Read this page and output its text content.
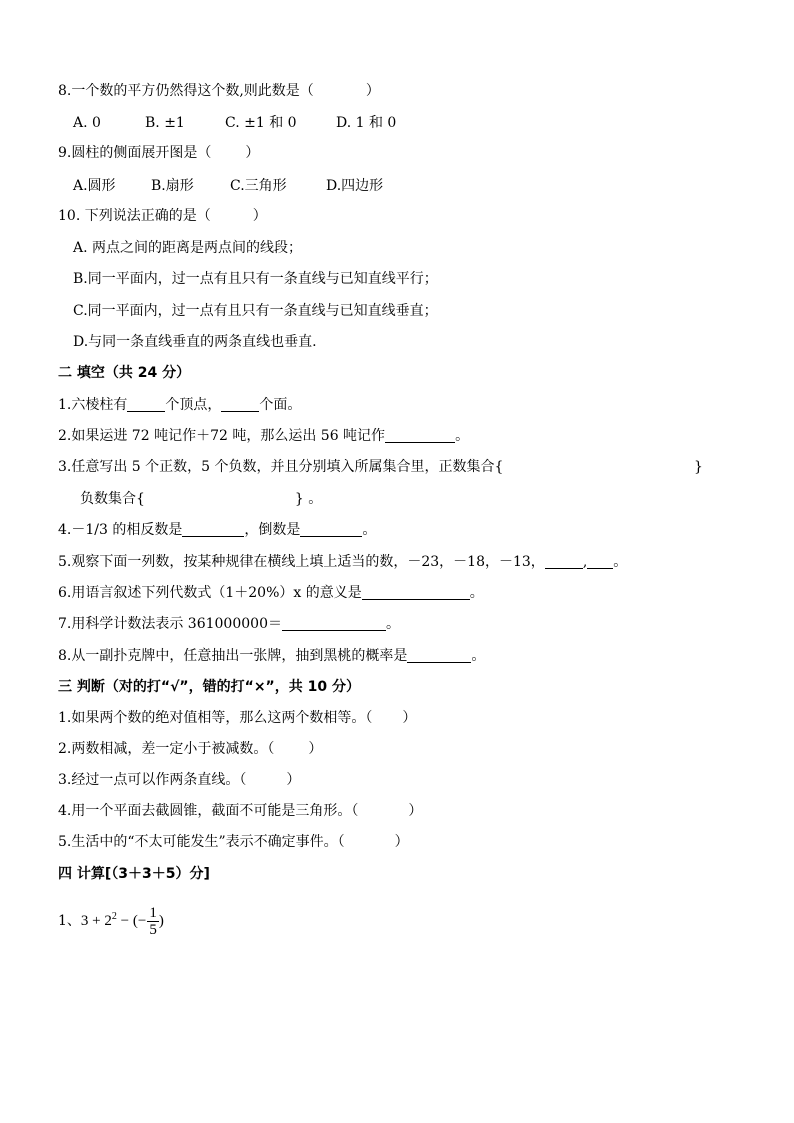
8.一个数的平方仍然得这个数,则此数是（	）
A. 0	B. ±1	C. ±1 和 0	D. 1 和 0
9.圆柱的侧面展开图是（ ）
A.圆形	B.扇形	C.三角形	D.四边形
10. 下列说法正确的是（	）
A. 两点之间的距离是两点间的线段；
B.同一平面内，过一点有且只有一条直线与已知直线平行；
C.同一平面内，过一点有且只有一条直线与已知直线垂直；
D.与同一条直线垂直的两条直线也垂直.
二 填空（共 24 分）
1.六棱柱有	个顶点，	个面。
2.如果运进 72 吨记作＋72 吨，那么运出 56 吨记作	。
3.任意写出 5 个正数，5 个负数，并且分别填入所属集合里，正数集合{	}
负数集合{	} 。
4.－1/3 的相反数是	，倒数是	。
5.观察下面一列数，按某种规律在横线上填上适当的数，－23，－18，－13，	, 。
6.用语言叙述下列代数式（1＋20%）x 的意义是	。
7.用科学计数法表示 361000000＝	。
8.从一副扑克牌中，任意抽出一张牌，抽到黑桃的概率是	。
三 判断（对的打“√”，错的打“×”，共 10 分）
1.如果两个数的绝对值相等，那么这两个数相等。（ ）
2.两数相减，差一定小于被减数。（ ）
3.经过一点可以作两条直线。（	）
4.用一个平面去截圆锥，截面不可能是三角形。（	）
5.生活中的“不太可能发生”表示不确定事件。（	）
四 计算[（3＋3＋5）分]
1、$3 + 2^2$ − (− $\frac{1}{5}$ )
